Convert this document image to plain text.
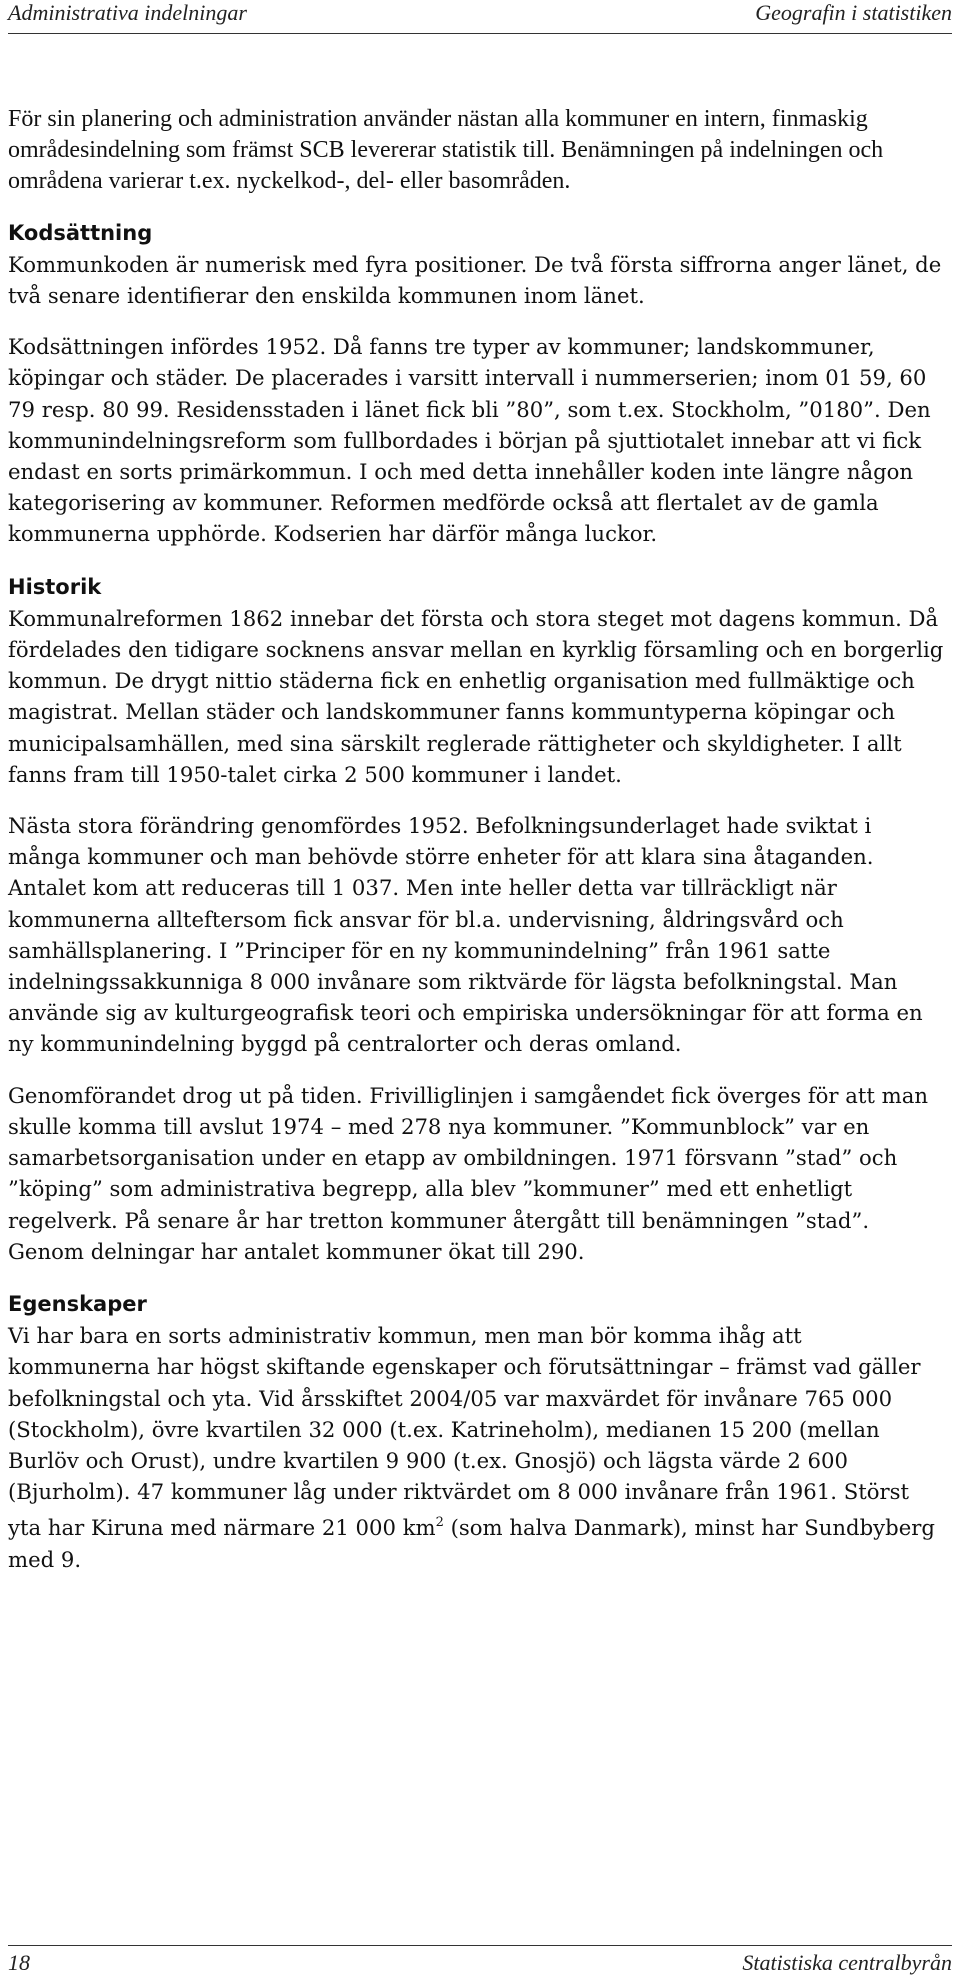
Administrativa indelningar	Geografin i statistiken

För sin planering och administration använder nästan alla kommuner en intern, finmaskig områdesindelning som främst SCB levererar statistik till. Benämningen på indelningen och områdena varierar t.ex. nyckelkod-, del- eller basområden.

Kodsättning

Kommunkoden är numerisk med fyra positioner. De två första siffrorna anger länet, de två senare identifierar den enskilda kommunen inom länet.

Kodsättningen infördes 1952. Då fanns tre typer av kommuner; landskommuner, köpingar och städer. De placerades i varsitt intervall i nummerserien; inom 01 59, 60 79 resp. 80 99. Residensstaden i länet fick bli ”80”, som t.ex. Stockholm, ”0180”. Den kommunindelningsreform som fullbordades i början på sjuttiotalet innebar att vi fick endast en sorts primärkommun. I och med detta innehåller koden inte längre någon kategorisering av kommuner. Reformen medförde också att flertalet av de gamla kommunerna upphörde. Kodserien har därför många luckor.

Historik

Kommunalreformen 1862 innebar det första och stora steget mot dagens kommun. Då fördelades den tidigare socknens ansvar mellan en kyrklig församling och en borgerlig kommun. De drygt nittio städerna fick en enhetlig organisation med fullmäktige och magistrat. Mellan städer och landskommuner fanns kommuntyperna köpingar och municipalsamhällen, med sina särskilt reglerade rättigheter och skyldigheter. I allt fanns fram till 1950-talet cirka 2 500 kommuner i landet.

Nästa stora förändring genomfördes 1952. Befolkningsunderlaget hade sviktat i många kommuner och man behövde större enheter för att klara sina åtaganden. Antalet kom att reduceras till 1 037. Men inte heller detta var tillräckligt när kommunerna allteftersom fick ansvar för bl.a. undervisning, åldringsvård och samhällsplanering. I ”Principer för en ny kommunindelning” från 1961 satte indelningssakkunniga 8 000 invånare som riktvärde för lägsta befolkningstal. Man använde sig av kulturgeografisk teori och empiriska undersökningar för att forma en ny kommunindelning byggd på centralorter och deras omland.

Genomförandet drog ut på tiden. Frivilliglinjen i samgåendet fick överges för att man skulle komma till avslut 1974 – med 278 nya kommuner. ”Kommunblock” var en samarbetsorganisation under en etapp av ombildningen. 1971 försvann ”stad” och ”köping” som administrativa begrepp, alla blev ”kommuner” med ett enhetligt regelverk. På senare år har tretton kommuner återgått till benämningen ”stad”. Genom delningar har antalet kommuner ökat till 290.

Egenskaper

Vi har bara en sorts administrativ kommun, men man bör komma ihåg att kommunerna har högst skiftande egenskaper och förutsättningar – främst vad gäller befolkningstal och yta. Vid årsskiftet 2004/05 var maxvärdet för invånare 765 000 (Stockholm), övre kvartilen 32 000 (t.ex. Katrineholm), medianen 15 200 (mellan Burlöv och Orust), undre kvartilen 9 900 (t.ex. Gnosjö) och lägsta värde 2 600 (Bjurholm). 47 kommuner låg under riktvärdet om 8 000 invånare från 1961. Störst yta har Kiruna med närmare 21 000 $km^2$ (som halva Danmark), minst har Sundbyberg med 9.

18	Statistiska centralbyrån
